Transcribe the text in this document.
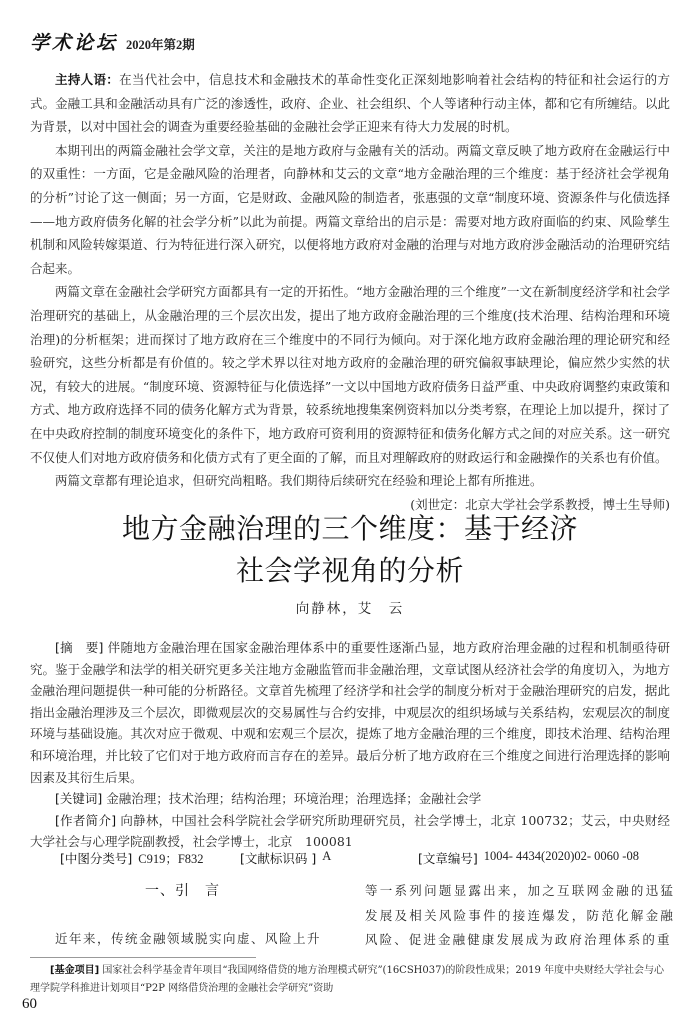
学术论坛 2020年第2期

主持人语：在当代社会中，信息技术和金融技术的革命性变化正深刻地影响着社会结构的特征和社会运行的方式。金融工具和金融活动具有广泛的渗透性，政府、企业、社会组织、个人等诸种行动主体，都和它有所缠结。以此为背景，以对中国社会的调查为重要经验基础的金融社会学正迎来有待大力发展的时机。

本期刊出的两篇金融社会学文章，关注的是地方政府与金融有关的活动。两篇文章反映了地方政府在金融运行中的双重性：一方面，它是金融风险的治理者，向静林和艾云的文章“地方金融治理的三个维度：基于经济社会学视角的分析”讨论了这一侧面；另一方面，它是财政、金融风险的制造者，张惠强的文章“制度环境、资源条件与化债选择——地方政府债务化解的社会学分析”以此为前提。两篇文章给出的启示是：需要对地方政府面临的约束、风险孳生机制和风险转嫁渠道、行为特征进行深入研究，以便将地方政府对金融的治理与对地方政府涉金融活动的治理研究结合起来。

两篇文章在金融社会学研究方面都具有一定的开拓性。“地方金融治理的三个维度”一文在新制度经济学和社会学治理研究的基础上，从金融治理的三个层次出发，提出了地方政府金融治理的三个维度(技术治理、结构治理和环境治理)的分析框架；进而探讨了地方政府在三个维度中的不同行为倾向。对于深化地方政府金融治理的理论研究和经验研究，这些分析都是有价值的。较之学术界以往对地方政府的金融治理的研究偏叙事缺理论，偏应然少实然的状况，有较大的进展。“制度环境、资源特征与化债选择”一文以中国地方政府债务日益严重、中央政府调整约束政策和方式、地方政府选择不同的债务化解方式为背景，较系统地搜集案例资料加以分类考察，在理论上加以提升，探讨了在中央政府控制的制度环境变化的条件下，地方政府可资利用的资源特征和债务化解方式之间的对应关系。这一研究不仅使人们对地方政府债务和化债方式有了更全面的了解，而且对理解政府的财政运行和金融操作的关系也有价值。

两篇文章都有理论追求，但研究尚粗略。我们期待后续研究在经验和理论上都有所推进。

(刘世定：北京大学社会学系教授，博士生导师)

地方金融治理的三个维度：基于经济
社会学视角的分析
向静林，艾　云

[摘　要] 伴随地方金融治理在国家金融治理体系中的重要性逐渐凸显，地方政府治理金融的过程和机制亟待研究。鉴于金融学和法学的相关研究更多关注地方金融监管而非金融治理，文章试图从经济社会学的角度切入，为地方金融治理问题提供一种可能的分析路径。文章首先梳理了经济学和社会学的制度分析对于金融治理研究的启发，据此指出金融治理涉及三个层次，即微观层次的交易属性与合约安排，中观层次的组织场域与关系结构，宏观层次的制度环境与基础设施。其次对应于微观、中观和宏观三个层次，提炼了地方金融治理的三个维度，即技术治理、结构治理和环境治理，并比较了它们对于地方政府而言存在的差异。最后分析了地方政府在三个维度之间进行治理选择的影响因素及其衍生后果。

[关键词] 金融治理；技术治理；结构治理；环境治理；治理选择；金融社会学

[作者简介] 向静林，中国社会科学院社会学研究所助理研究员，社会学博士，北京 100732；艾云，中央财经大学社会与心理学院副教授，社会学博士，北京　100081

[中图分类号] C919；F832	[文献标识码 ] A	[文章编号] 1004- 4434(2020)02- 0060 -08
一、引　言
近年来，传统金融领域脱实向虚、风险上升
等一系列问题显露出来，加之互联网金融的迅猛发展及相关风险事件的接连爆发，防范化解金融风险、促进金融健康发展成为政府治理体系的重

[基金项目] 国家社会科学基金青年项目“我国网络借贷的地方治理模式研究”(16CSH037)的阶段性成果；2019 年度中央财经大学社会与心理学院学科推进计划项目“P2P 网络借贷治理的金融社会学研究”资助

60
